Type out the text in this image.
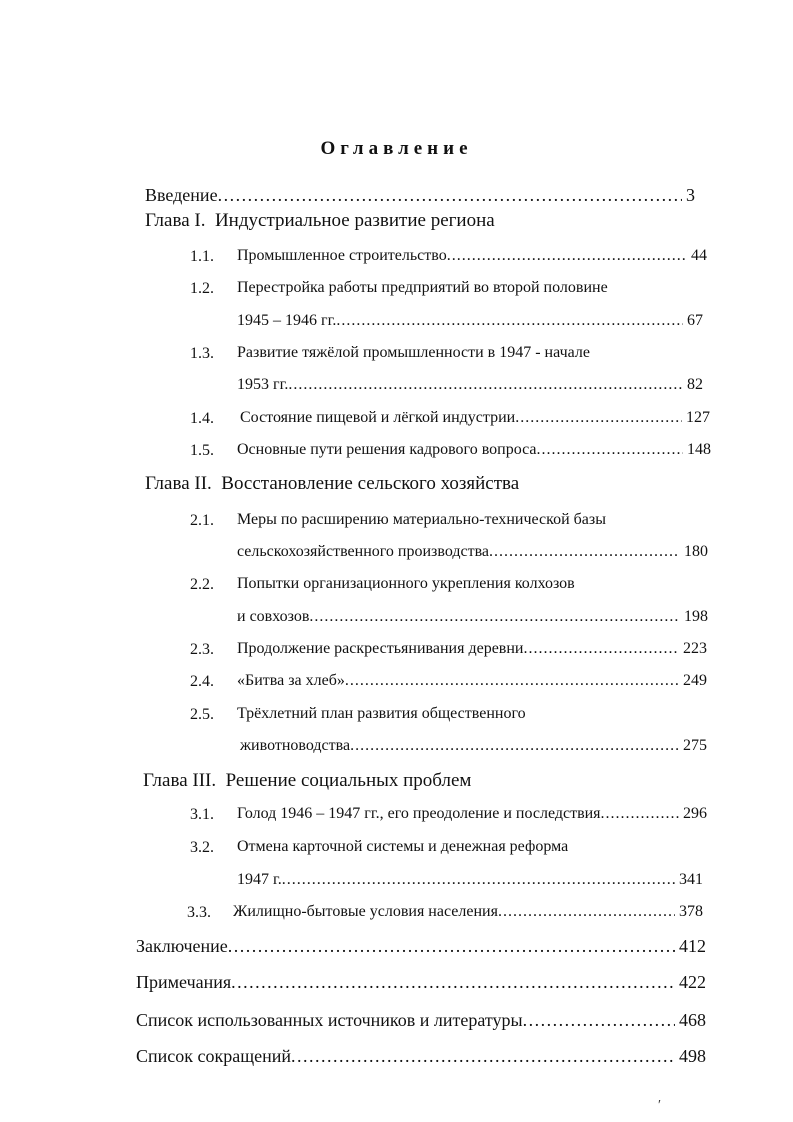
Оглавление
Введение . . .	3
Глава I. Индустриальное развитие региона
1.1. Промышленное строительство . . .	44
1.2. Перестройка работы предприятий во второй половине
1945 – 1946 гг. . . .	67
1.3. Развитие тяжёлой промышленности в 1947 - начале
1953 гг. . . .	82
1.4. Состояние пищевой и лёгкой индустрии . . .	127
1.5. Основные пути решения кадрового вопроса . . .	148
Глава II. Восстановление сельского хозяйства
2.1. Меры по расширению материально-технической базы
сельскохозяйственного производства . . .	180
2.2. Попытки организационного укрепления колхозов
и совхозов . . .	198
2.3. Продолжение раскрестьянивания деревни . . .	223
2.4. «Битва за хлеб» . . .	249
2.5. Трёхлетний план развития общественного
животноводства . . .	275
Глава III. Решение социальных проблем
3.1. Голод 1946 – 1947 гг., его преодоление и последствия . . .	296
3.2. Отмена карточной системы и денежная реформа
1947 г. . . .	341
3.3. Жилищно-бытовые условия населения . . .	378
Заключение . . .	412
Примечания . . .	422
Список использованных источников и литературы . . .	468
Список сокращений . . .	498
′
